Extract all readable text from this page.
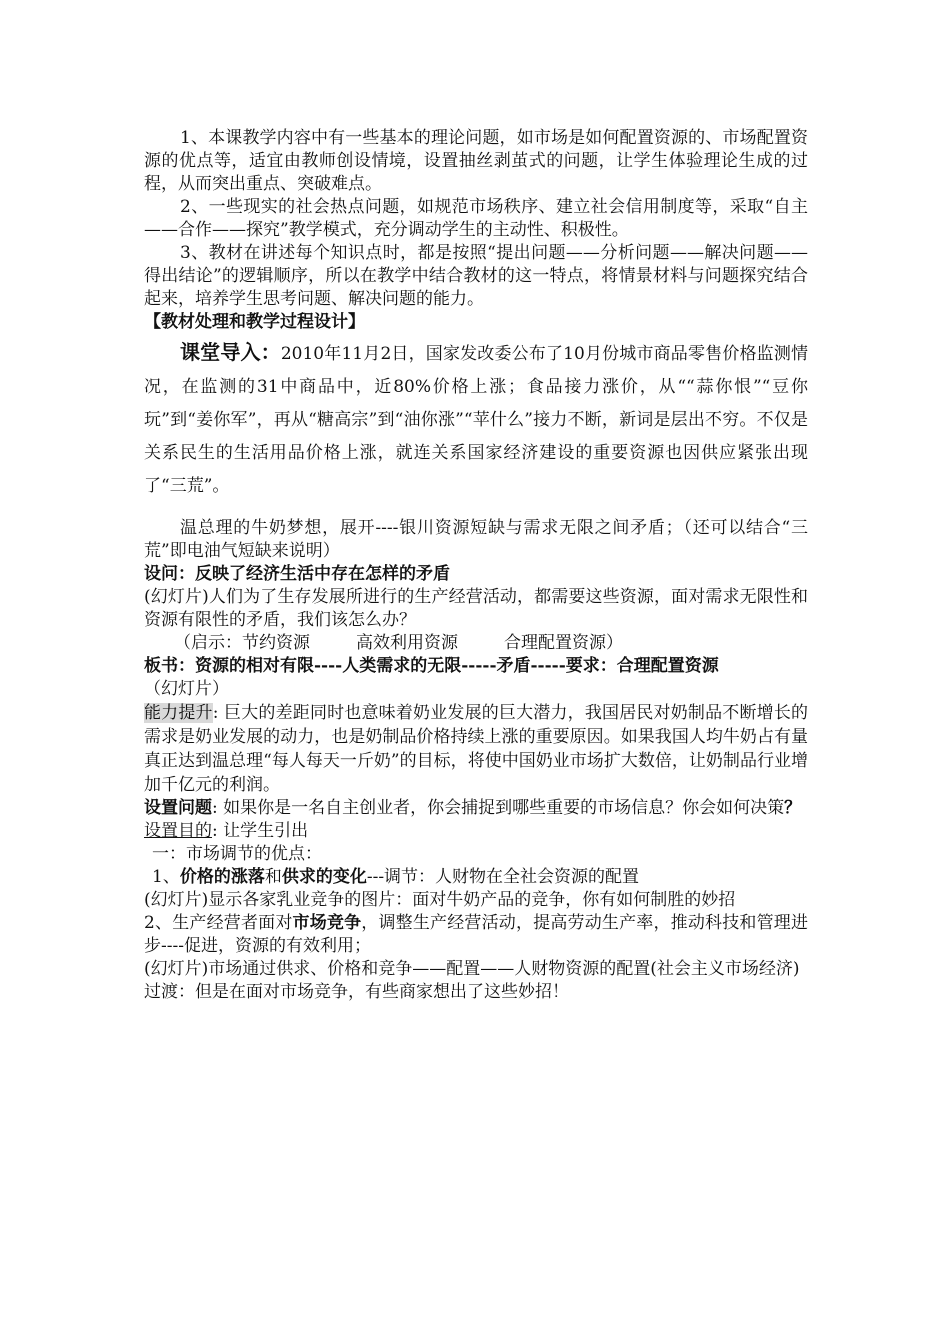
1、本课教学内容中有一些基本的理论问题，如市场是如何配置资源的、市场配置资源的优点等，适宜由教师创设情境，设置抽丝剥茧式的问题，让学生体验理论生成的过程，从而突出重点、突破难点。

2、一些现实的社会热点问题，如规范市场秩序、建立社会信用制度等，采取“自主——合作——探究”教学模式，充分调动学生的主动性、积极性。

3、教材在讲述每个知识点时，都是按照“提出问题——分析问题——解决问题——得出结论”的逻辑顺序，所以在教学中结合教材的这一特点，将情景材料与问题探究结合起来，培养学生思考问题、解决问题的能力。

【教材处理和教学过程设计】

课堂导入：2010年11月2日，国家发改委公布了10月份城市商品零售价格监测情况，在监测的31中商品中，近80%价格上涨；食品接力涨价，从““蒜你恨”“豆你玩”到“姜你军”，再从“糖高宗”到“油你涨”“苹什么”接力不断，新词是层出不穷。不仅是关系民生的生活用品价格上涨，就连关系国家经济建设的重要资源也因供应紧张出现了“三荒”。

温总理的牛奶梦想，展开----银川资源短缺与需求无限之间矛盾；（还可以结合“三荒”即电油气短缺来说明）

设问：反映了经济生活中存在怎样的矛盾

(幻灯片)人们为了生存发展所进行的生产经营活动，都需要这些资源，面对需求无限性和资源有限性的矛盾，我们该怎么办？

（启示：节约资源	高效利用资源	合理配置资源）

板书：资源的相对有限----人类需求的无限-----矛盾-----要求：合理配置资源

（幻灯片）

能力提升: 巨大的差距同时也意味着奶业发展的巨大潜力，我国居民对奶制品不断增长的需求是奶业发展的动力，也是奶制品价格持续上涨的重要原因。如果我国人均牛奶占有量真正达到温总理“每人每天一斤奶”的目标，将使中国奶业市场扩大数倍，让奶制品行业增加千亿元的利润。

设置问题: 如果你是一名自主创业者，你会捕捉到哪些重要的市场信息？你会如何决策？

设置目的: 让学生引出

一：市场调节的优点：

1、价格的涨落和供求的变化---调节：人财物在全社会资源的配置

(幻灯片)显示各家乳业竞争的图片：面对牛奶产品的竞争，你有如何制胜的妙招

2、生产经营者面对市场竞争，调整生产经营活动，提高劳动生产率，推动科技和管理进步----促进，资源的有效利用；

(幻灯片)市场通过供求、价格和竞争——配置——人财物资源的配置(社会主义市场经济)

过渡：但是在面对市场竞争，有些商家想出了这些妙招！
